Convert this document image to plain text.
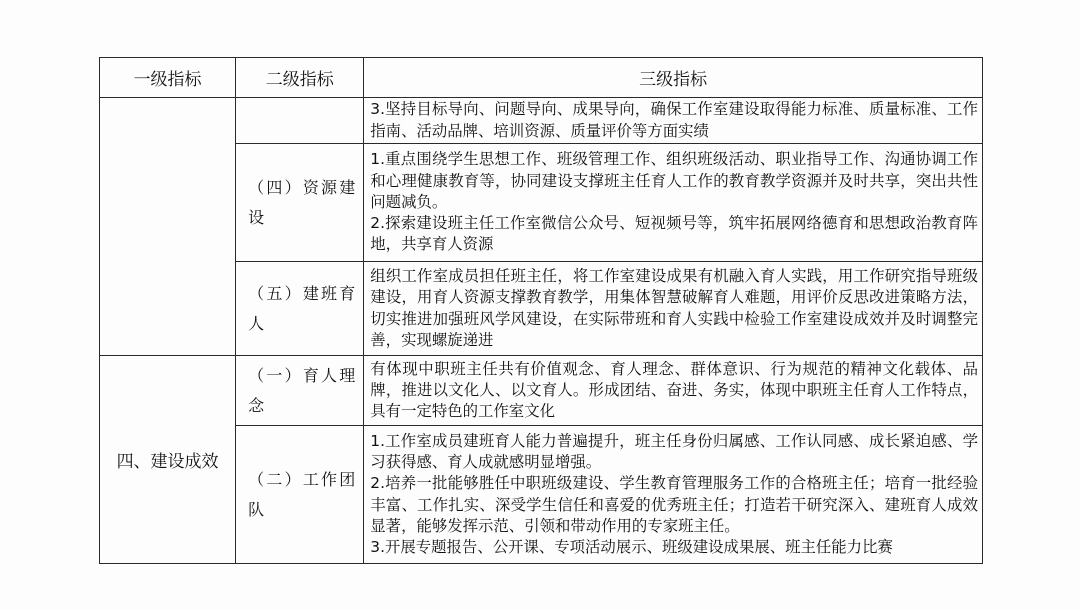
一级指标	二级指标	三级指标

		3.坚持目标导向、问题导向、成果导向，确保工作室建设取得能力标准、质量标准、工作指南、活动品牌、培训资源、质量评价等方面实绩

	（四）资源建设	1.重点围绕学生思想工作、班级管理工作、组织班级活动、职业指导工作、沟通协调工作和心理健康教育等，协同建设支撑班主任育人工作的教育教学资源并及时共享，突出共性问题减负。

2.探索建设班主任工作室微信公众号、短视频号等，筑牢拓展网络德育和思想政治教育阵地，共享育人资源

	（五）建班育人	组织工作室成员担任班主任，将工作室建设成果有机融入育人实践，用工作研究指导班级建设，用育人资源支撑教育教学，用集体智慧破解育人难题，用评价反思改进策略方法，切实推进加强班风学风建设，在实际带班和育人实践中检验工作室建设成效并及时调整完善，实现螺旋递进

四、建设成效	（一）育人理念	有体现中职班主任共有价值观念、育人理念、群体意识、行为规范的精神文化载体、品牌，推进以文化人、以文育人。形成团结、奋进、务实，体现中职班主任育人工作特点，具有一定特色的工作室文化

	（二）工作团队	1.工作室成员建班育人能力普遍提升，班主任身份归属感、工作认同感、成长紧迫感、学习获得感、育人成就感明显增强。

2.培养一批能够胜任中职班级建设、学生教育管理服务工作的合格班主任；培育一批经验丰富、工作扎实、深受学生信任和喜爱的优秀班主任；打造若干研究深入、建班育人成效显著，能够发挥示范、引领和带动作用的专家班主任。

3.开展专题报告、公开课、专项活动展示、班级建设成果展、班主任能力比赛
